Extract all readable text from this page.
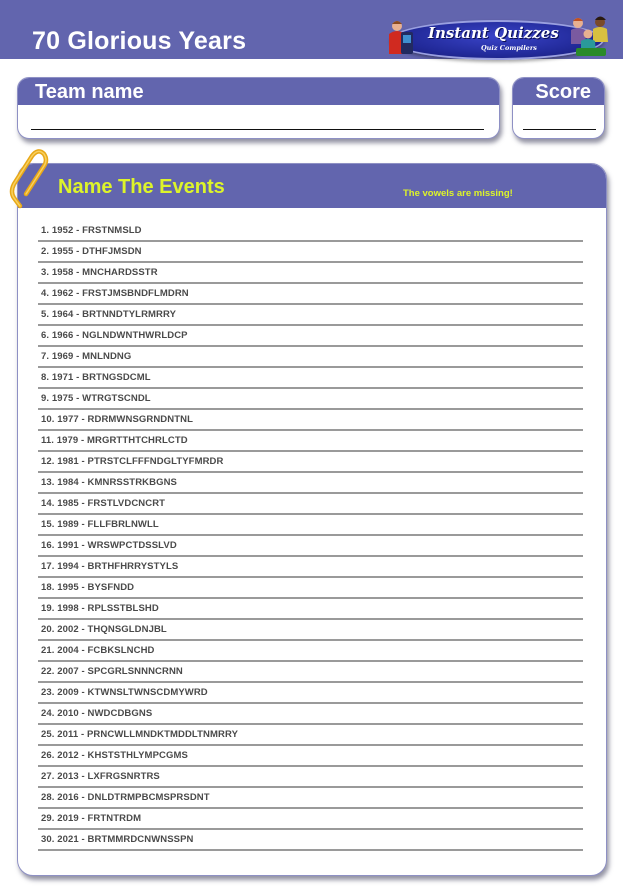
70 Glorious Years	Instant Quizzes
Quiz Compilers
Team name	Score
Name The Events	The vowels are missing!
1. 1952 - FRSTNMSLD
2. 1955 - DTHFJMSDN
3. 1958 - MNCHARDSSTR
4. 1962 - FRSTJMSBNDFLMDRN
5. 1964 - BRTNNDTYLRMRRY
6. 1966 - NGLNDWNTHWRLDCP
7. 1969 - MNLNDNG
8. 1971 - BRTNGSDCML
9. 1975 - WTRGTSCNDL
10. 1977 - RDRMWNSGRNDNTNL
11. 1979 - MRGRTTHTCHRLCTD
12. 1981 - PTRSTCLFFFNDGLTYFMRDR
13. 1984 - KMNRSSTRKBGNS
14. 1985 - FRSTLVDCNCRT
15. 1989 - FLLFBRLNWLL
16. 1991 - WRSWPCTDSSLVD
17. 1994 - BRTHFHRRYSTYLS
18. 1995 - BYSFNDD
19. 1998 - RPLSSTBLSHD
20. 2002 - THQNSGLDNJBL
21. 2004 - FCBKSLNCHD
22. 2007 - SPCGRLSNNNCRNN
23. 2009 - KTWNSLTWNSCDMYWRD
24. 2010 - NWDCDBGNS
25. 2011 - PRNCWLLMNDKTMDDLTNMRRY
26. 2012 - KHSTSTHLYMPCGMS
27. 2013 - LXFRGSNRTRS
28. 2016 - DNLDTRMPBCMSPRSDNT
29. 2019 - FRTNTRDM
30. 2021 - BRTMMRDCNWNSSPN
